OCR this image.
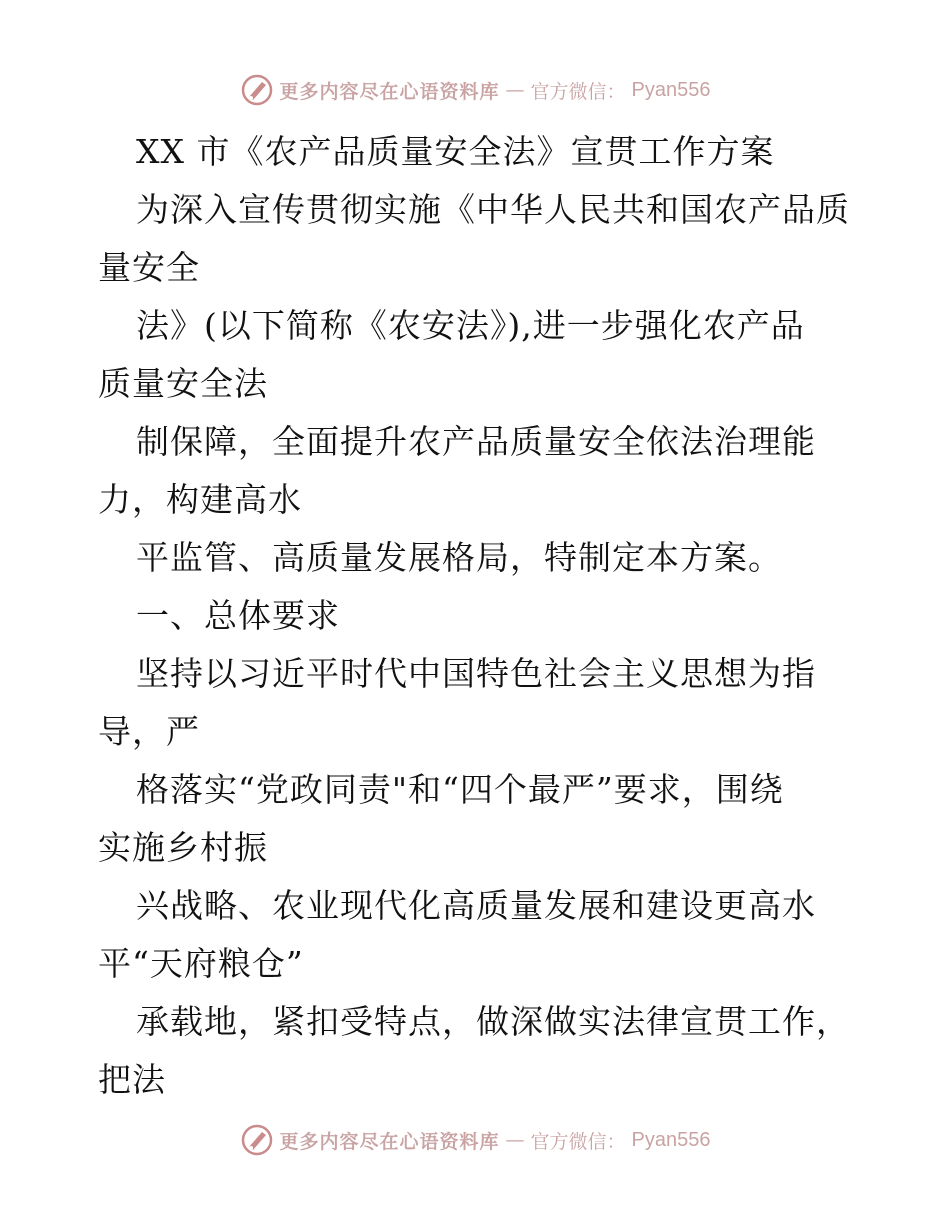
更多内容尽在心语资料库 — 官方微信： Pyan556
XX 市《农产品质量安全法》宣贯工作方案
为深入宣传贯彻实施《中华人民共和国农产品质
量安全
法》(以下简称《农安法》),进一步强化农产品
质量安全法
制保障，全面提升农产品质量安全依法治理能
力，构建高水
平监管、高质量发展格局，特制定本方案。
一、总体要求
坚持以习近平时代中国特色社会主义思想为指
导，严
格落实“党政同责"和“四个最严”要求，围绕
实施乡村振
兴战略、农业现代化高质量发展和建设更高水
平“天府粮仓”
承载地，紧扣受特点，做深做实法律宣贯工作，
把法
更多内容尽在心语资料库 — 官方微信： Pyan556
